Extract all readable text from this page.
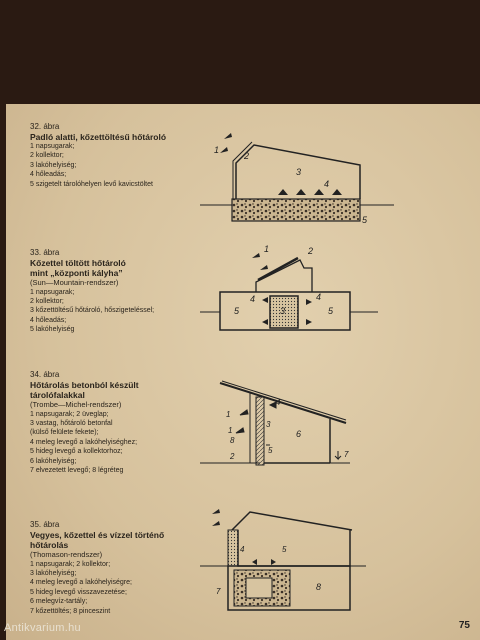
32. ábra
Padló alatti, kőzettöltésű hőtároló
1 napsugarak;
2 kollektor;
3 lakóhelyiség;
4 hőleadás;
5 szigetelt tárolóhelyen levő kavicstöltet
33. ábra
Kőzettel töltött hőtároló
mint „központi kályha”
(Sun—Mountain-rendszer)
1 napsugarak;
2 kollektor;
3 kőzettöltésű hőtároló, hőszigeteléssel;
4 hőleadás;
5 lakóhelyiség
34. ábra
Hőtárolás betonból készült
tárolófalakkal
(Trombe—Michel-rendszer)
1 napsugarak; 2 üveglap;
3 vastag, hőtároló betonfal
(külső felülete fekete);
4 meleg levegő a lakóhelyiséghez;
5 hideg levegő a kollektorhoz;
6 lakóhelyiség;
7 elvezetett levegő; 8 légréteg
35. ábra
Vegyes, kőzettel és vízzel történő
hőtárolás
(Thomason-rendszer)
1 napsugarak; 2 kollektor;
3 lakóhelyiség;
4 meleg levegő a lakóhelyiségre;
5 hideg levegő visszavezetése;
6 melegvíz-tartály;
7 kőzettöltés; 8 pinceszint
1
2
3
4
5
1	2
3
4	4
5	5
1
4
1
8
3
5
2
6
7
4	5
7	8
75
Antikvarium.hu
